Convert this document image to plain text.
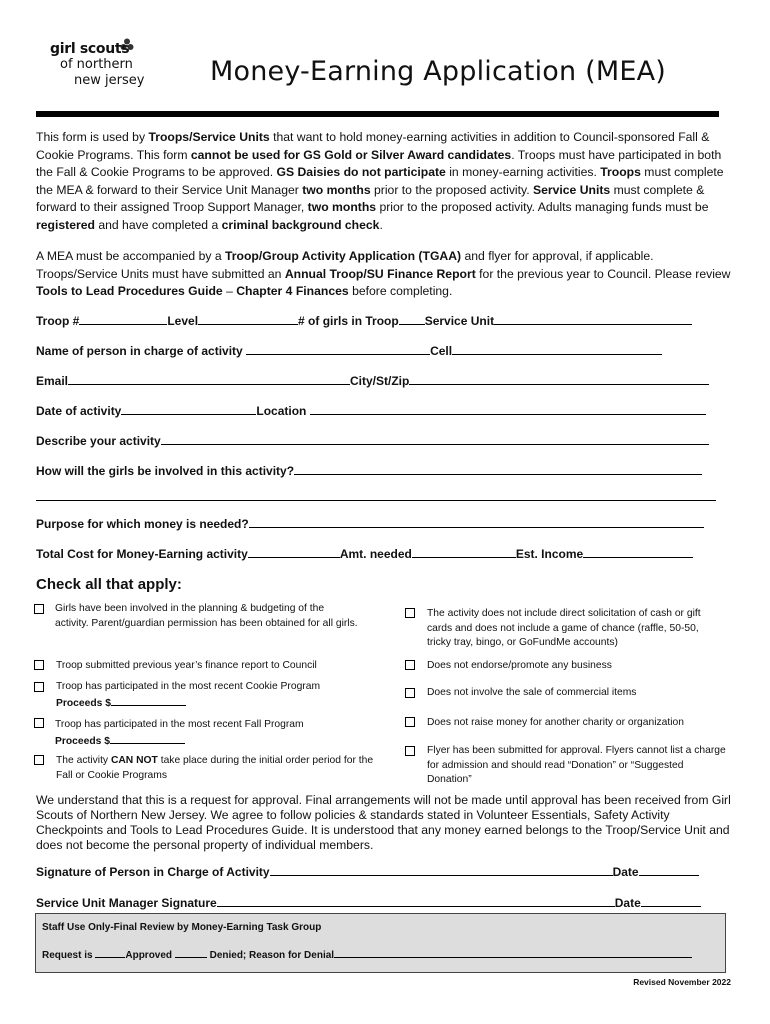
girl scouts
of northern
new jersey Money-Earning Application (MEA)
This form is used by Troops/Service Units that want to hold money-earning activities in addition to Council-sponsored Fall & Cookie Programs. This form cannot be used for GS Gold or Silver Award candidates. Troops must have participated in both the Fall & Cookie Programs to be approved. GS Daisies do not participate in money-earning activities. Troops must complete the MEA & forward to their Service Unit Manager two months prior to the proposed activity. Service Units must complete & forward to their assigned Troop Support Manager, two months prior to the proposed activity. Adults managing funds must be registered and have completed a criminal background check.
A MEA must be accompanied by a Troop/Group Activity Application (TGAA) and flyer for approval, if applicable. Troops/Service Units must have submitted an Annual Troop/SU Finance Report for the previous year to Council. Please review Tools to Lead Procedures Guide – Chapter 4 Finances before completing.
Troop #	Level	# of girls in Troop Service Unit
Name of person in charge of activity	Cell
Email	City/St/Zip
Date of activity	Location
Describe your activity
How will the girls be involved in this activity?
Purpose for which money is needed?
Total Cost for Money-Earning activity	Amt. needed	Est. Income
Check all that apply:
Girls have been involved in the planning & budgeting of the activity. Parent/guardian permission has been obtained for all girls.
Troop submitted previous year’s finance report to Council
Troop has participated in the most recent Cookie Program
Proceeds $
Troop has participated in the most recent Fall Program
Proceeds $
The activity CAN NOT take place during the initial order period for the Fall or Cookie Programs
The activity does not include direct solicitation of cash or gift cards and does not include a game of chance (raffle, 50-50, tricky tray, bingo, or GoFundMe accounts)
Does not endorse/promote any business
Does not involve the sale of commercial items
Does not raise money for another charity or organization
Flyer has been submitted for approval. Flyers cannot list a charge for admission and should read “Donation” or “Suggested Donation”
We understand that this is a request for approval. Final arrangements will not be made until approval has been received from Girl Scouts of Northern New Jersey. We agree to follow policies & standards stated in Volunteer Essentials, Safety Activity Checkpoints and Tools to Lead Procedures Guide. It is understood that any money earned belongs to the Troop/Service Unit and does not become the personal property of individual members.
Signature of Person in Charge of Activity	Date
Service Unit Manager Signature	Date
Staff Use Only-Final Review by Money-Earning Task Group
Request is	Approved	Denied; Reason for Denial
Revised November 2022
